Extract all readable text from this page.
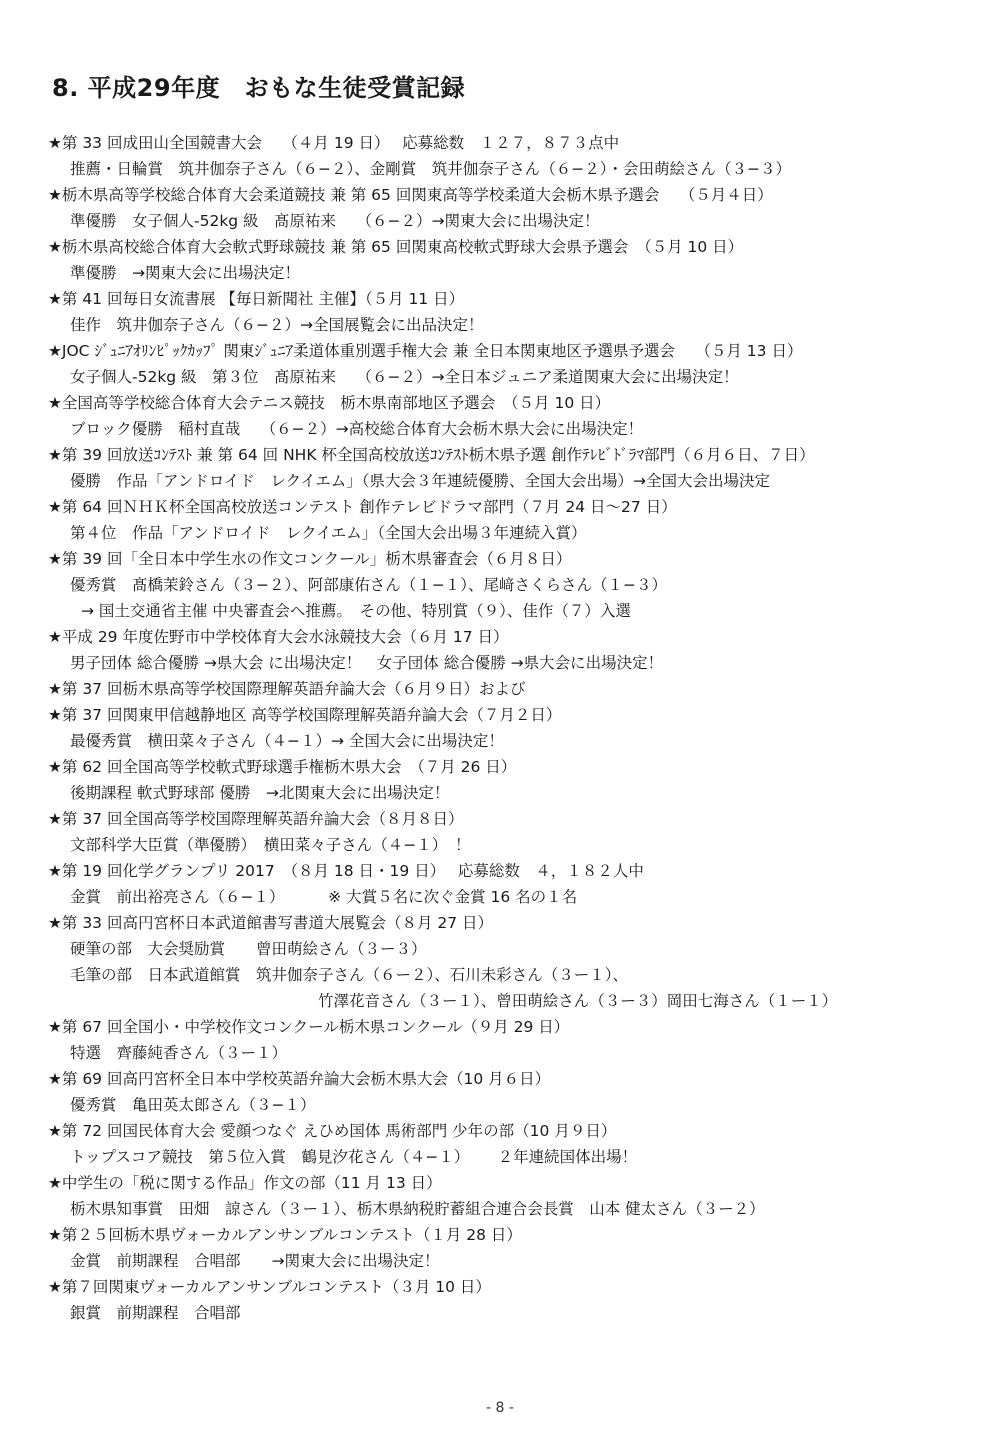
8. 平成29年度　おもな生徒受賞記録
★第 33 回成田山全国競書大会　 （４月 19 日）　 応募総数　１２７，８７３点中
推薦・日輪賞　筑井伽奈子さん（６−２）、金剛賞　筑井伽奈子さん（６−２）・会田萌絵さん（３−３）
★栃木県高等学校総合体育大会柔道競技 兼 第 65 回関東高等学校柔道大会栃木県予選会　 （５月４日）
準優勝　女子個人-52kg 級　髙原祐来　 （６−２）→関東大会に出場決定！
★栃木県高校総合体育大会軟式野球競技 兼 第 65 回関東高校軟式野球大会県予選会　（５月 10 日）
準優勝　→関東大会に出場決定！
★第 41 回毎日女流書展 【毎日新聞社 主催】（５月 11 日）
佳作　筑井伽奈子さん（６−２）→全国展覧会に出品決定！
★JOC ｼﾞｭﾆｱｵﾘﾝﾋﾟｯｸｶｯﾌﾟ 関東ｼﾞｭﾆｱ柔道体重別選手権大会 兼 全日本関東地区予選県予選会　 （５月 13 日）
女子個人-52kg 級　第３位　髙原祐来　 （６−２）→全日本ジュニア柔道関東大会に出場決定！
★全国高等学校総合体育大会テニス競技　栃木県南部地区予選会　（５月 10 日）
ブロック優勝　稲村直哉　 （６−２）→高校総合体育大会栃木県大会に出場決定！
★第 39 回放送ｺﾝﾃｽﾄ 兼 第 64 回 NHK 杯全国高校放送ｺﾝﾃｽﾄ栃木県予選 創作ﾃﾚﾋﾞﾄﾞﾗﾏ部門（６月６日、７日）
優勝　作品「アンドロイド　レクイエム」（県大会３年連続優勝、全国大会出場）→全国大会出場決定
★第 64 回ＮＨＫ杯全国高校放送コンテスト 創作テレビドラマ部門（７月 24 日〜27 日）
第４位　作品「アンドロイド　レクイエム」（全国大会出場３年連続入賞）
★第 39 回「全日本中学生水の作文コンクール」栃木県審査会（６月８日）
優秀賞　髙橋茉鈴さん（３−２）、阿部康佑さん（１−１）、尾﨑さくらさん（１−３）
→ 国土交通省主催 中央審査会へ推薦。　その他、特別賞（９）、佳作（７）入選
★平成 29 年度佐野市中学校体育大会水泳競技大会（６月 17 日）
男子団体 総合優勝 →県大会 に出場決定！　女子団体 総合優勝 →県大会に出場決定！
★第 37 回栃木県高等学校国際理解英語弁論大会（６月９日）および
★第 37 回関東甲信越静地区 高等学校国際理解英語弁論大会（７月２日）
最優秀賞　横田菜々子さん（４−１）→ 全国大会に出場決定！
★第 62 回全国高等学校軟式野球選手権栃木県大会　（７月 26 日）
後期課程 軟式野球部 優勝　→北関東大会に出場決定！
★第 37 回全国高等学校国際理解英語弁論大会（８月８日）
文部科学大臣賞（準優勝）　横田菜々子さん（４−１）　！
★第 19 回化学グランプリ 2017　（８月 18 日・19 日）　 応募総数　４，１８２人中
金賞　前出裕亮さん（６−１）　　　 ※ 大賞５名に次ぐ金賞 16 名の１名
★第 33 回高円宮杯日本武道館書写書道大展覧会（８月 27 日）
硬筆の部　大会奨励賞　　曾田萌絵さん（３ー３）
毛筆の部　日本武道館賞　筑井伽奈子さん（６ー２）、石川未彩さん（３ー１）、
竹澤花音さん（３ー１）、曾田萌絵さん（３ー３）岡田七海さん（１ー１）
★第 67 回全国小・中学校作文コンクール栃木県コンクール（９月 29 日）
特選　齊藤純香さん（３ー１）
★第 69 回高円宮杯全日本中学校英語弁論大会栃木県大会（10 月６日）
優秀賞　亀田英太郎さん（３−１）
★第 72 回国民体育大会 愛顔つなぐ えひめ国体 馬術部門 少年の部（10 月９日）
トップスコア競技　第５位入賞　鶴見汐花さん（４−１）　　 ２年連続国体出場！
★中学生の「税に関する作品」作文の部（11 月 13 日）
栃木県知事賞　田畑　諒さん（３ー１）、栃木県納税貯蓄組合連合会長賞　山本 健太さん（３ー２）
★第２５回栃木県ヴォーカルアンサンブルコンテスト（１月 28 日）
金賞　前期課程　合唱部　　→関東大会に出場決定！
★第７回関東ヴォーカルアンサンブルコンテスト（３月 10 日）
銀賞　前期課程　合唱部
- 8 -
